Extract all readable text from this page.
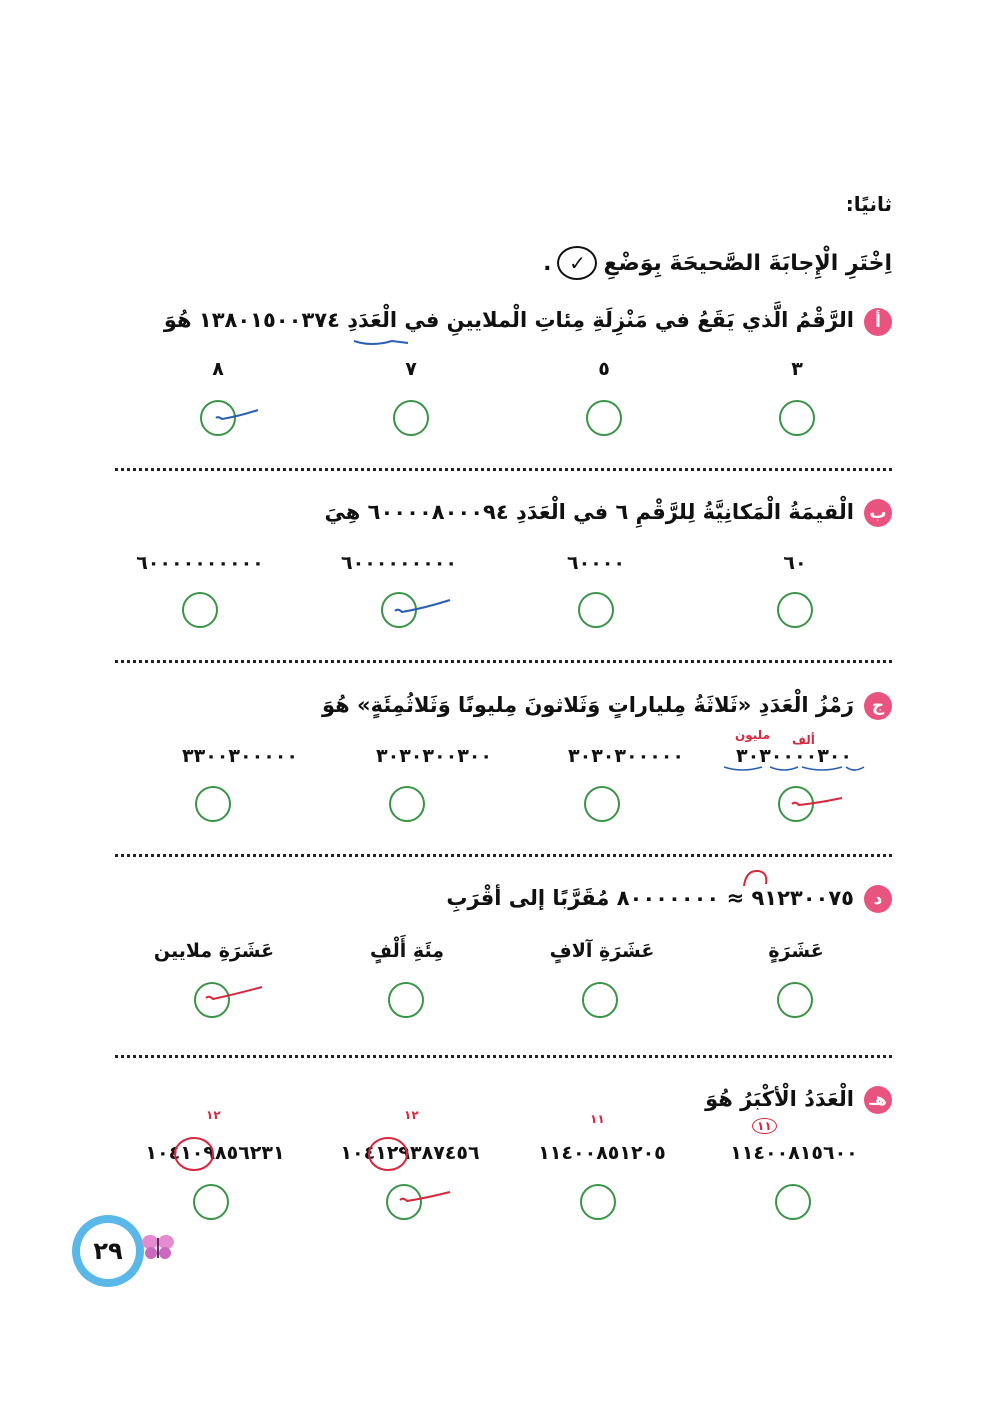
ثانيًا:
اِخْتَرِ الْإِجابَةَ الصَّحيحَةَ بِوَضْعِ
✓
.
أ
الرَّقْمُ الَّذي يَقَعُ في مَنْزِلَةِ مِئاتِ الْملايينِ في الْعَدَدِ ١٣٨٠١٥٠٠٣٧٤ هُوَ
٣
٥
٧
٨
ب
الْقيمَةُ الْمَكانِيَّةُ لِلرَّقْمِ ٦ في الْعَدَدِ ٦٠٠٠٠٨٠٠٠٩٤ هِيَ
٦٠
٦٠٠٠٠
٦٠٠٠٠٠٠٠٠٠
٦٠٠٠٠٠٠٠٠٠٠
ج
رَمْزُ الْعَدَدِ «ثَلاثَةُ مِلياراتٍ وَثَلاثونَ مِليونًا وَثَلاثُمِئَةٍ» هُوَ
مليون ألف
٣٠٣٠٠٠٠٣٠٠
٣٠٣٠٣٠٠٠٠٠
٣٠٣٠٣٠٠٣٠٠
٣٣٠٠٣٠٠٠٠٠
د
٩١٢٣٠٠٧٥ ≈ ٨٠٠٠٠٠٠٠ مُقَرَّبًا إلى أقْرَبِ
عَشَرَةٍ
عَشَرَةِ آلافٍ
مِئَةِ أَلْفٍ
عَشَرَةِ ملايين
هـ
الْعَدَدُ الْأكْبَرُ هُوَ
١١
١١
١٢
١٢
١١٤٠٠٨١٥٦٠٠
١١٤٠٠٨٥١٢٠٥
١٠٤١٢٩٣٨٧٤٥٦
١٠٤١٠٩٨٥٦٢٣١
٢٩
